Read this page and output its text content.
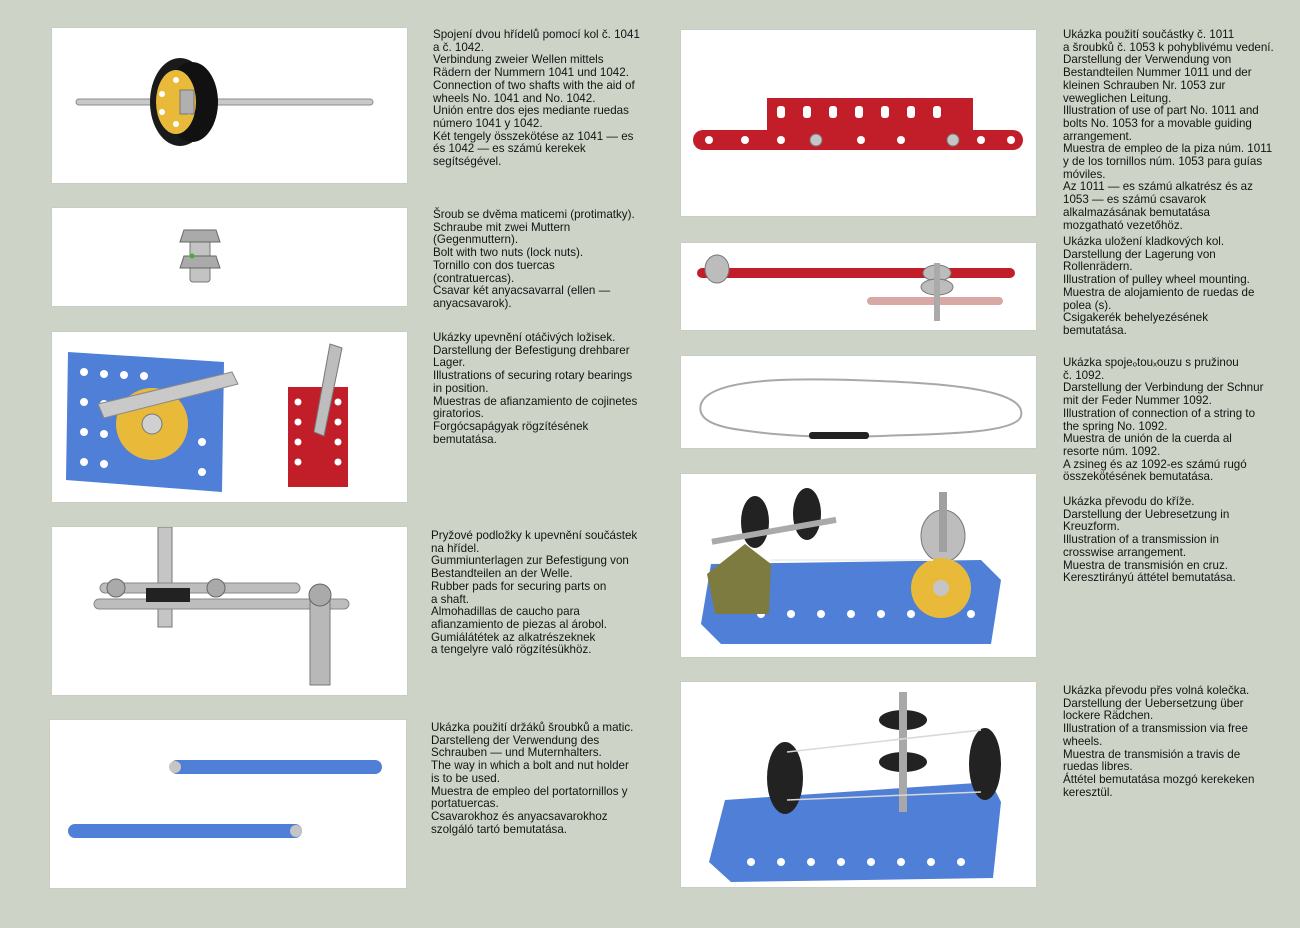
Spojení dvou hřídelů pomocí kol č. 1041
a č. 1042.
Verbindung zweier Wellen mittels
Rädern der Nummern 1041 und 1042.
Connection of two shafts with the aid of
wheels No. 1041 and No. 1042.
Unión entre dos ejes mediante ruedas
número 1041 y 1042.
Két tengely összekötése az 1041 — es
és 1042 — es számú kerekek
segítségével.
Šroub se dvěma maticemi (protimatky).
Schraube mit zwei Muttern
(Gegenmuttern).
Bolt with two nuts (lock nuts).
Tornillo con dos tuercas
(contratuercas).
Csavar két anyacsavarral (ellen —
anyacsavarok).
Ukázky upevnění otáčivých ložisek.
Darstellung der Befestigung drehbarer
Lager.
Illustrations of securing rotary bearings
in position.
Muestras de afianzamiento de cojinetes
giratorios.
Forgócsapágyak rögzítésének
bemutatása.
Pryžové podložky k upevnění součástek
na hřídel.
Gummiunterlagen zur Befestigung von
Bestandteilen an der Welle.
Rubber pads for securing parts on
a shaft.
Almohadillas de caucho para
afianzamiento de piezas al árobol.
Gumiálátétek az alkatrészeknek
a tengelyre való rögzítésükhöz.
Ukázka použití držáků šroubků a matic.
Darstelleng der Verwendung des
Schrauben — und Muternhalters.
The way in which a bolt and nut holder
is to be used.
Muestra de empleo del portatornillos y
portatuercas.
Csavarokhoz és anyacsavarokhoz
szolgáló tartó bemutatása.
Ukázka použití součástky č. 1011
a šroubků č. 1053 k pohyblivému vedení.
Darstellung der Verwendung von
Bestandteilen Nummer 1011 und der
kleinen Schrauben Nr. 1053 zur
veweglichen Leitung.
Illustration of use of part No. 1011 and
bolts No. 1053 for a movable guiding
arrangement.
Muestra de empleo de la piza núm. 1011
y de los tornillos núm. 1053 para guías
móviles.
Az 1011 — es számú alkatrész és az
1053 — es számú csavarok
alkalmazásának bemutatása
mozgatható vezetőhöz.
Ukázka uložení kladkových kol.
Darstellung der Lagerung von
Rollenrädern.
Illustration of pulley wheel mounting.
Muestra de alojamiento de ruedas de
polea (s).
Csigakerék behelyezésének
bemutatása.
Ukázka spojeₒtouₓouzu s pružinou
č. 1092.
Darstellung der Verbindung der Schnur
mit der Feder Nummer 1092.
Illustration of connection of a string to
the spring No. 1092.
Muestra de unión de la cuerda al
resorte núm. 1092.
A zsineg és az 1092-es számú rugó
összekötésének bemutatása.
Ukázka převodu do kříže.
Darstellung der Uebresetzung in
Kreuzform.
Illustration of a transmission in
crosswise arrangement.
Muestra de transmisión en cruz.
Keresztirányú áttétel bemutatása.
Ukázka převodu přes volná kolečka.
Darstellung der Uebersetzung über
lockere Rädchen.
Illustration of a transmission via free
wheels.
Muestra de transmisión a travis de
ruedas libres.
Áttétel bemutatása mozgó kerekeken
keresztül.
